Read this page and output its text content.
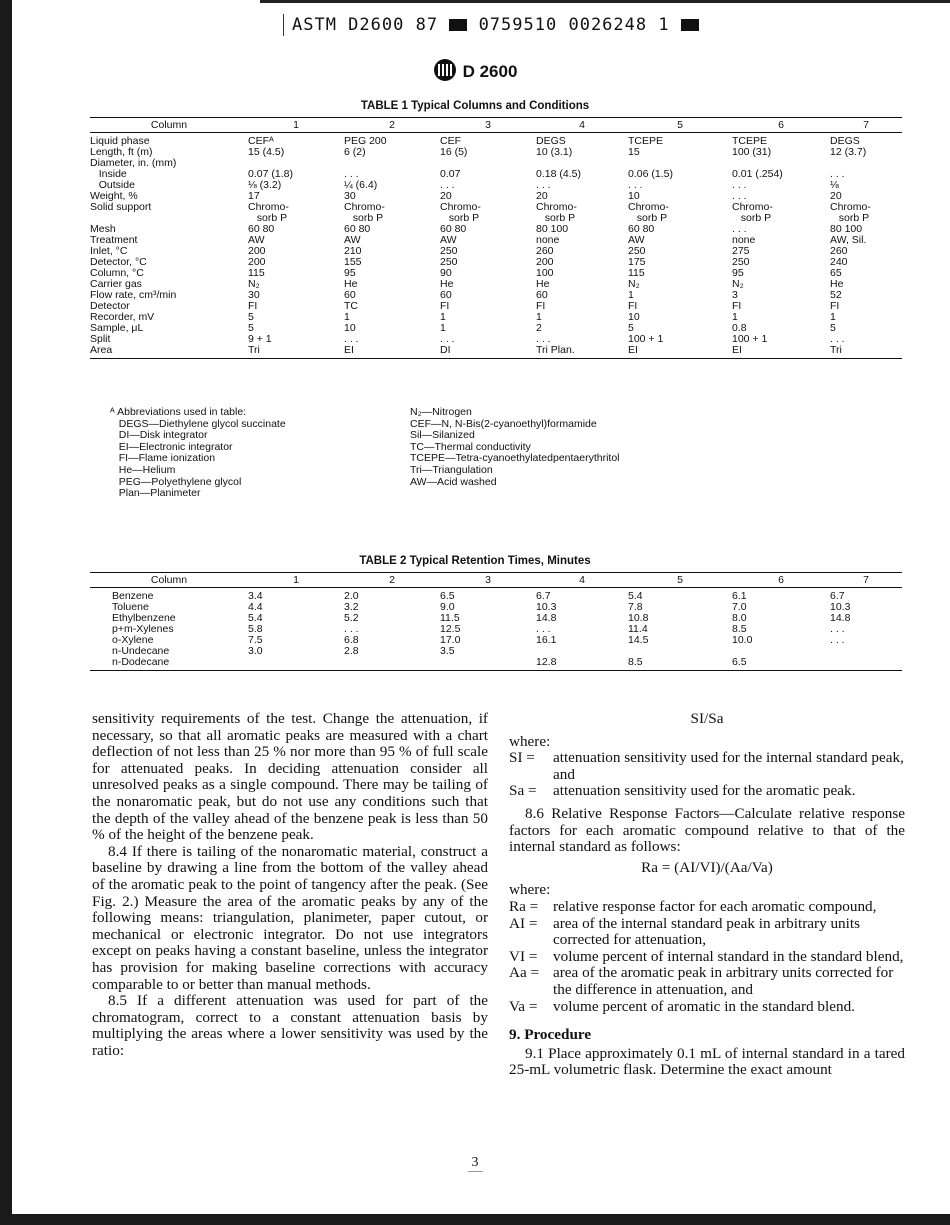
ASTM D2600 87 0759510 0026248 1
D 2600
TABLE 1 Typical Columns and Conditions
Column	1	2	3	4	5	6	7
Liquid phase	CEFᴬ	PEG 200	CEF	DEGS	TCEPE	TCEPE	DEGS
Length, ft (m)	15 (4.5)	6 (2)	16 (5)	10 (3.1)	15	100 (31)	12 (3.7)
Diameter, in. (mm)							
Inside	0.07 (1.8)	. . .	0.07	0.18 (4.5)	0.06 (1.5)	0.01 (.254)	. . .
Outside	⅛ (3.2)	¼ (6.4)	. . .	. . .	. . .	. . .	⅛
Weight, %	17	30	20	20	10	. . .	20
Solid support	Chromo-	Chromo-	Chromo-	Chromo-	Chromo-	Chromo-	Chromo-
	sorb P	sorb P	sorb P	sorb P	sorb P	sorb P	sorb P
Mesh	60 80	60 80	60 80	80 100	60 80	. . .	80 100
Treatment	AW	AW	AW	none	AW	none	AW, Sil.
Inlet, °C	200	210	250	260	250	275	260
Detector, °C	200	155	250	200	175	250	240
Column, °C	115	95	90	100	115	95	65
Carrier gas	N₂	He	He	He	N₂	N₂	He
Flow rate, cm³/min	30	60	60	60	1	3	52
Detector	FI	TC	FI	FI	FI	FI	FI
Recorder, mV	5	1	1	1	10	1	1
Sample, μL	5	10	1	2	5	0.8	5
Split	9 + 1	. . .	. . .	. . .	100 + 1	100 + 1	. . .
Area	Tri	EI	DI	Tri Plan.	EI	EI	Tri
ᴬ Abbreviations used in table:
DEGS—Diethylene glycol succinate
DI—Disk integrator
EI—Electronic integrator
FI—Flame ionization
He—Helium
PEG—Polyethylene glycol
Plan—Planimeter
N₂—Nitrogen
CEF—N, N-Bis(2-cyanoethyl)formamide
Sil—Silanized
TC—Thermal conductivity
TCEPE—Tetra-cyanoethylatedpentaerythritol
Tri—Triangulation
AW—Acid washed
TABLE 2 Typical Retention Times, Minutes
Column	1	2	3	4	5	6	7
Benzene	3.4	2.0	6.5	6.7	5.4	6.1	6.7
Toluene	4.4	3.2	9.0	10.3	7.8	7.0	10.3
Ethylbenzene	5.4	5.2	11.5	14.8	10.8	8.0	14.8
p+m-Xylenes	5.8	. . .	12.5	. . .	11.4	8.5	. . .
o-Xylene	7.5	6.8	17.0	16.1	14.5	10.0	. . .
n-Undecane	3.0	2.8	3.5				
n-Dodecane				12.8	8.5	6.5	

sensitivity requirements of the test. Change the attenuation, if necessary, so that all aromatic peaks are measured with a chart deflection of not less than 25 % nor more than 95 % of full scale for attenuated peaks. In deciding attenuation consider all unresolved peaks as a single compound. There may be tailing of the nonaromatic peak, but do not use any conditions such that the depth of the valley ahead of the benzene peak is less than 50 % of the height of the benzene peak.

8.4 If there is tailing of the nonaromatic material, construct a baseline by drawing a line from the bottom of the valley ahead of the aromatic peak to the point of tangency after the peak. (See Fig. 2.) Measure the area of the aromatic peaks by any of the following means: triangulation, planimeter, paper cutout, or mechanical or electronic integrator. Do not use integrators except on peaks having a constant baseline, unless the integrator has provision for making baseline corrections with accuracy comparable to or better than manual methods.

8.5 If a different attenuation was used for part of the chromatogram, correct to a constant attenuation basis by multiplying the areas where a lower sensitivity was used by the ratio:

SI/Sa

where:

SI =	attenuation sensitivity used for the internal standard peak, and
Sa =	attenuation sensitivity used for the aromatic peak.

8.6 Relative Response Factors—Calculate relative response factors for each aromatic compound relative to that of the internal standard as follows:

Ra = (AI/VI)/(Aa/Va)

where:

Ra = relative response factor for each aromatic compound,
AI =	area of the internal standard peak in arbitrary units corrected for attenuation,
VI =	volume percent of internal standard in the standard blend,
Aa = area of the aromatic peak in arbitrary units corrected for the difference in attenuation, and
Va =	volume percent of aromatic in the standard blend.

9. Procedure

9.1 Place approximately 0.1 mL of internal standard in a tared 25-mL volumetric flask. Determine the exact amount

3
